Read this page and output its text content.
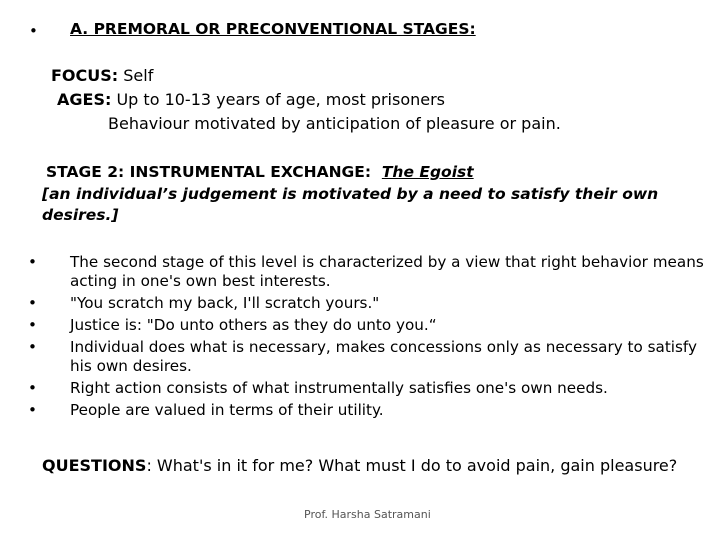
• A. PREMORAL OR PRECONVENTIONAL STAGES:
FOCUS: Self
AGES: Up to 10-13 years of age, most prisoners
Behaviour motivated by anticipation of pleasure or pain.
STAGE 2: INSTRUMENTAL EXCHANGE: The Egoist
[an individual’s judgement is motivated by a need to satisfy their own
desires.]
• The second stage of this level is characterized by a view that right behavior means acting in one's own best interests.
• "You scratch my back, I'll scratch yours."
• Justice is: "Do unto others as they do unto you.“
• Individual does what is necessary, makes concessions only as necessary to satisfy his own desires.
• Right action consists of what instrumentally satisfies one's own needs.
• People are valued in terms of their utility.
QUESTIONS: What's in it for me? What must I do to avoid pain, gain pleasure?
Prof. Harsha Satramani
